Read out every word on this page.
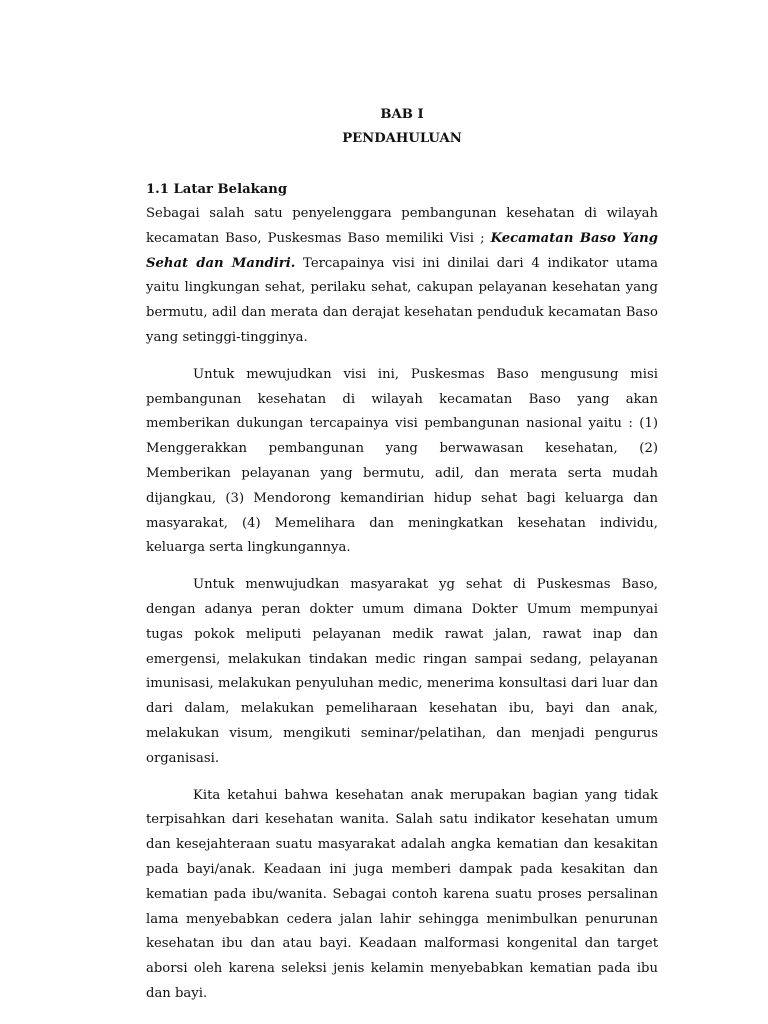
BAB I

PENDAHULUAN

1.1 Latar Belakang

Sebagai salah satu penyelenggara pembangunan kesehatan di wilayah kecamatan Baso, Puskesmas Baso memiliki Visi ; Kecamatan Baso Yang Sehat dan Mandiri. Tercapainya visi ini dinilai dari 4 indikator utama yaitu lingkungan sehat, perilaku sehat, cakupan pelayanan kesehatan yang bermutu, adil dan merata dan derajat kesehatan penduduk kecamatan Baso yang setinggi-tingginya.

Untuk mewujudkan visi ini, Puskesmas Baso mengusung misi pembangunan kesehatan di wilayah kecamatan Baso yang akan memberikan dukungan tercapainya visi pembangunan nasional yaitu : (1) Menggerakkan pembangunan yang berwawasan kesehatan, (2) Memberikan pelayanan yang bermutu, adil, dan merata serta mudah dijangkau, (3) Mendorong kemandirian hidup sehat bagi keluarga dan masyarakat, (4) Memelihara dan meningkatkan kesehatan individu, keluarga serta lingkungannya.

Untuk menwujudkan masyarakat yg sehat di Puskesmas Baso, dengan adanya peran dokter umum dimana Dokter Umum mempunyai tugas pokok meliputi pelayanan medik rawat jalan, rawat inap dan emergensi, melakukan tindakan medic ringan sampai sedang, pelayanan imunisasi, melakukan penyuluhan medic, menerima konsultasi dari luar dan dari dalam, melakukan pemeliharaan kesehatan ibu, bayi dan anak, melakukan visum, mengikuti seminar/pelatihan, dan menjadi pengurus organisasi.

Kita ketahui bahwa kesehatan anak merupakan bagian yang tidak terpisahkan dari kesehatan wanita. Salah satu indikator kesehatan umum dan kesejahteraan suatu masyarakat adalah angka kematian dan kesakitan pada bayi/anak. Keadaan ini juga memberi dampak pada kesakitan dan kematian pada ibu/wanita. Sebagai contoh karena suatu proses persalinan lama menyebabkan cedera jalan lahir sehingga menimbulkan penurunan kesehatan ibu dan atau bayi. Keadaan malformasi kongenital dan target aborsi oleh karena seleksi jenis kelamin menyebabkan kematian pada ibu dan bayi.
